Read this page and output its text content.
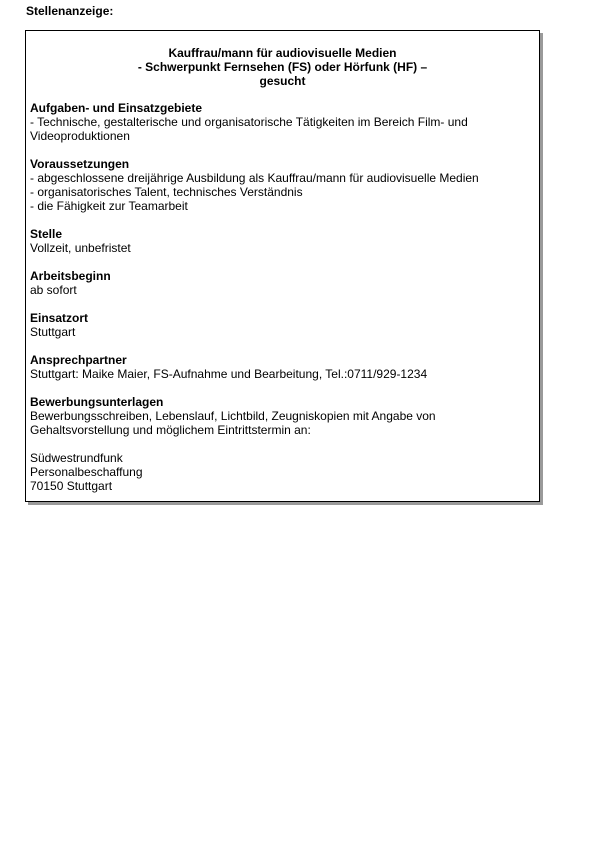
Stellenanzeige:
Kauffrau/mann für audiovisuelle Medien
- Schwerpunkt Fernsehen (FS) oder Hörfunk (HF) –
gesucht
Aufgaben- und Einsatzgebiete
- Technische, gestalterische und organisatorische Tätigkeiten im Bereich Film- und
Videoproduktionen
Voraussetzungen
- abgeschlossene dreijährige Ausbildung als Kauffrau/mann für audiovisuelle Medien
- organisatorisches Talent, technisches Verständnis
- die Fähigkeit zur Teamarbeit
Stelle
Vollzeit, unbefristet
Arbeitsbeginn
ab sofort
Einsatzort
Stuttgart
Ansprechpartner
Stuttgart: Maike Maier, FS-Aufnahme und Bearbeitung, Tel.:0711/929-1234
Bewerbungsunterlagen
Bewerbungsschreiben, Lebenslauf, Lichtbild, Zeugniskopien mit Angabe von
Gehaltsvorstellung und möglichem Eintrittstermin an:
Südwestrundfunk
Personalbeschaffung
70150 Stuttgart
